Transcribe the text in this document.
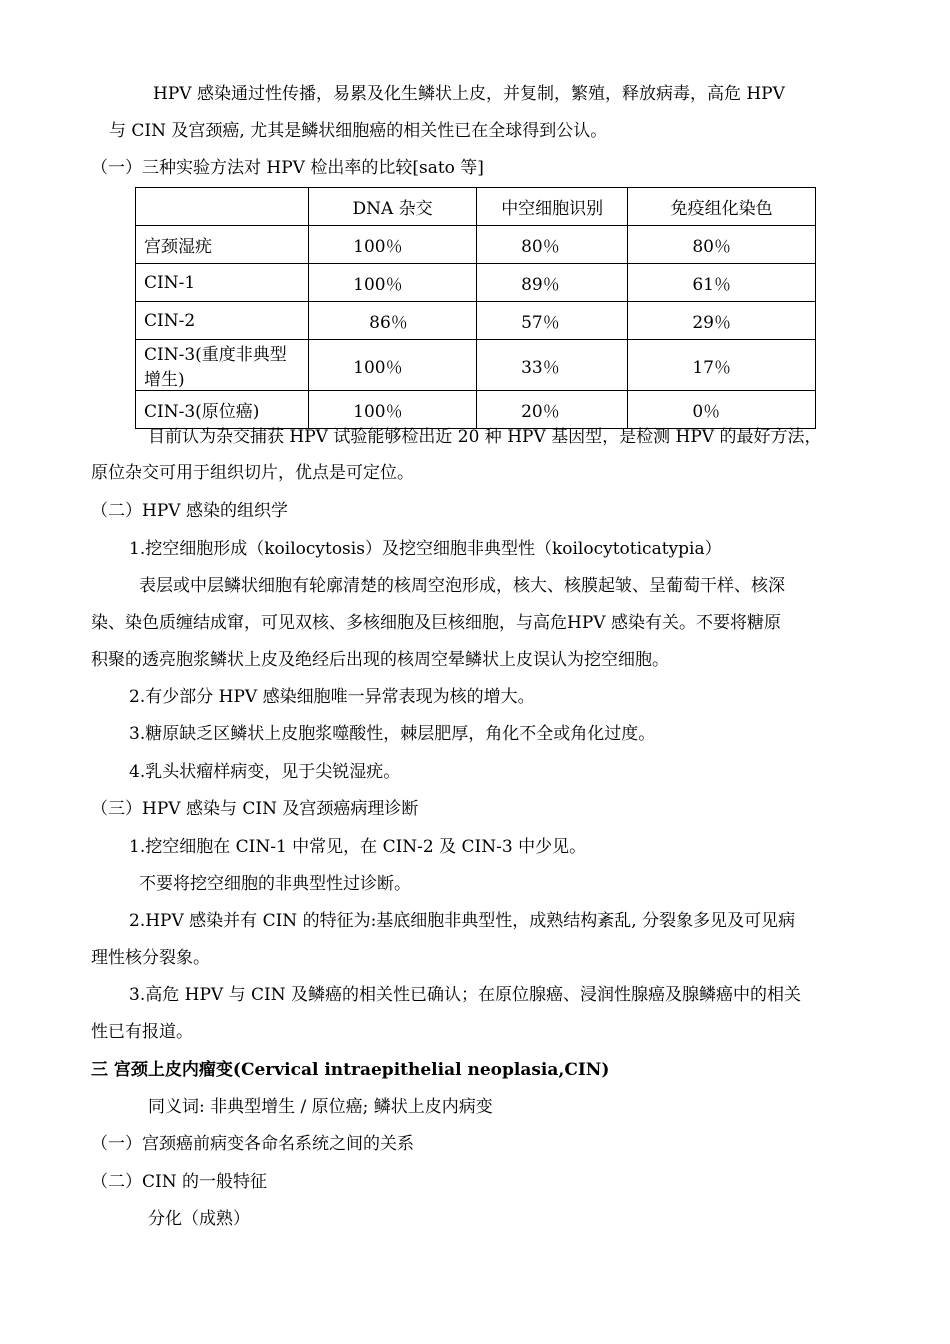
HPV 感染通过性传播，易累及化生鳞状上皮，并复制，繁殖，释放病毒，高危 HPV
与 CIN 及宫颈癌, 尤其是鳞状细胞癌的相关性已在全球得到公认。
（一）三种实验方法对 HPV 检出率的比较[sato 等]
	DNA 杂交	中空细胞识别	免疫组化染色
宫颈湿疣	100％	80％	80％
CIN-1	100％	89％	61％
CIN-2	86％	57％	29％
CIN-3(重度非典型增生)	100％	33％	17％
CIN-3(原位癌)	100％	20％	0％
目前认为杂交捕获 HPV 试验能够检出近 20 种 HPV 基因型，是检测 HPV 的最好方法，
原位杂交可用于组织切片，优点是可定位。
（二）HPV 感染的组织学
1.挖空细胞形成（koilocytosis）及挖空细胞非典型性（koilocytoticatypia）
表层或中层鳞状细胞有轮廓清楚的核周空泡形成，核大、核膜起皱、呈葡萄干样、核深
染、染色质缠结成窜，可见双核、多核细胞及巨核细胞，与高危HPV 感染有关。不要将糖原
积聚的透亮胞浆鳞状上皮及绝经后出现的核周空晕鳞状上皮误认为挖空细胞。
2.有少部分 HPV 感染细胞唯一异常表现为核的增大。
3.糖原缺乏区鳞状上皮胞浆噬酸性，棘层肥厚，角化不全或角化过度。
4.乳头状瘤样病变，见于尖锐湿疣。
（三）HPV 感染与 CIN 及宫颈癌病理诊断
1.挖空细胞在 CIN-1 中常见，在 CIN-2 及 CIN-3 中少见。
不要将挖空细胞的非典型性过诊断。
2.HPV 感染并有 CIN 的特征为:基底细胞非典型性，成熟结构紊乱, 分裂象多见及可见病
理性核分裂象。
3.高危 HPV 与 CIN 及鳞癌的相关性已确认；在原位腺癌、浸润性腺癌及腺鳞癌中的相关
性已有报道。
三 宫颈上皮内瘤变(Cervical intraepithelial neoplasia,CIN)
同义词: 非典型增生 / 原位癌; 鳞状上皮内病变
（一）宫颈癌前病变各命名系统之间的关系
（二）CIN 的一般特征
分化（成熟）
